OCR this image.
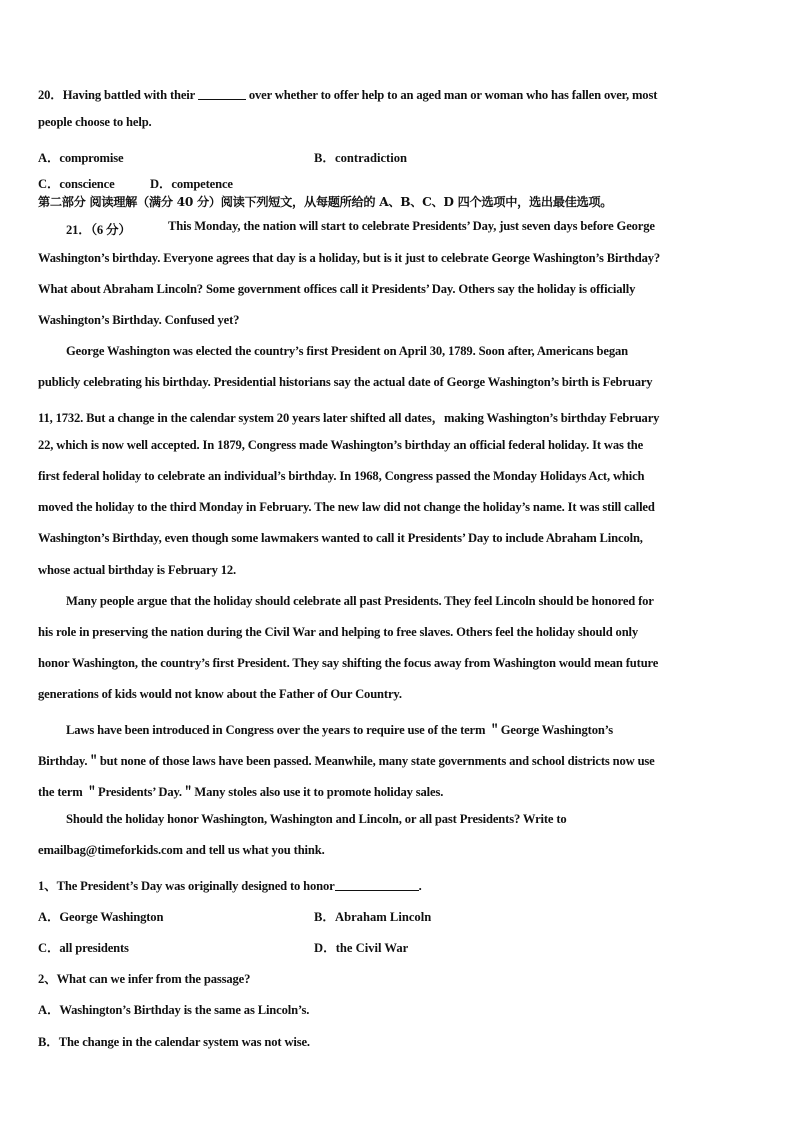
20．Having battled with their	over whether to offer help to an aged man or woman who has fallen over, most
people choose to help.
A．compromise	B．contradiction
C．conscience	D．competence
第二部分 阅读理解（满分 40 分）阅读下列短文，从每题所给的 A、B、C、D 四个选项中，选出最佳选项。
21．（6 分）	This Monday, the nation will start to celebrate Presidents’ Day, just seven days before George
Washington’s birthday. Everyone agrees that day is a holiday, but is it just to celebrate George Washington’s Birthday?
What about Abraham Lincoln? Some government offices call it Presidents’ Day. Others say the holiday is officially
Washington’s Birthday. Confused yet?
George Washington was elected the country’s first President on April 30, 1789. Soon after, Americans began
publicly celebrating his birthday. Presidential historians say the actual date of George Washington’s birth is February
11, 1732. But a change in the calendar system 20 years later shifted all dates，making Washington’s birthday February
22, which is now well accepted. In 1879, Congress made Washington’s birthday an official federal holiday. It was the
first federal holiday to celebrate an individual’s birthday. In 1968, Congress passed the Monday Holidays Act, which
moved the holiday to the third Monday in February. The new law did not change the holiday’s name. It was still called
Washington’s Birthday, even though some lawmakers wanted to call it Presidents’ Day to include Abraham Lincoln,
whose actual birthday is February 12.
Many people argue that the holiday should celebrate all past Presidents. They feel Lincoln should be honored for
his role in preserving the nation during the Civil War and helping to free slaves. Others feel the holiday should only
honor Washington, the country’s first President. They say shifting the focus away from Washington would mean future
generations of kids would not know about the Father of Our Country.
Laws have been introduced in Congress over the years to require use of the term ＂George Washington’s
Birthday.＂but none of those laws have been passed. Meanwhile, many state governments and school districts now use
the term ＂Presidents’ Day.＂Many stoles also use it to promote holiday sales.
Should the holiday honor Washington, Washington and Lincoln, or all past Presidents? Write to
emailbag@timeforkids.com and tell us what you think.
1、The President’s Day was originally designed to honor	.
A．George Washington	B．Abraham Lincoln
C．all presidents	D．the Civil War
2、What can we infer from the passage?
A．Washington’s Birthday is the same as Lincoln’s.
B．The change in the calendar system was not wise.
